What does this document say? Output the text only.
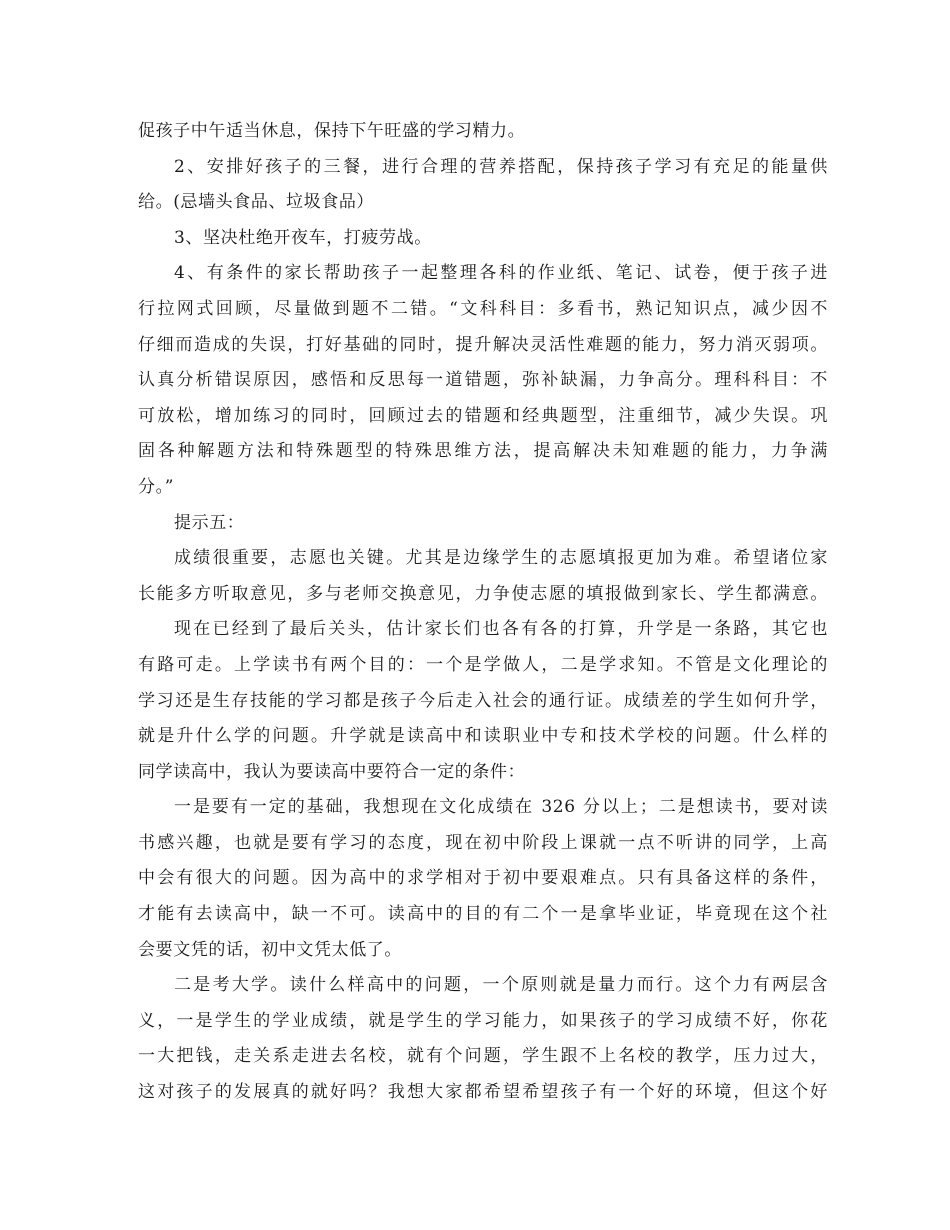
促孩子中午适当休息，保持下午旺盛的学习精力。
2、安排好孩子的三餐，进行合理的营养搭配，保持孩子学习有充足的能量供
给。(忌墙头食品、垃圾食品）
3、坚决杜绝开夜车，打疲劳战。
4、有条件的家长帮助孩子一起整理各科的作业纸、笔记、试卷，便于孩子进
行拉网式回顾，尽量做到题不二错。“文科科目：多看书，熟记知识点，减少因不
仔细而造成的失误，打好基础的同时，提升解决灵活性难题的能力，努力消灭弱项。
认真分析错误原因，感悟和反思每一道错题，弥补缺漏，力争高分。理科科目：不
可放松，增加练习的同时，回顾过去的错题和经典题型，注重细节，减少失误。巩
固各种解题方法和特殊题型的特殊思维方法，提高解决未知难题的能力，力争满
分。”
提示五：
成绩很重要，志愿也关键。尤其是边缘学生的志愿填报更加为难。希望诸位家
长能多方听取意见，多与老师交换意见，力争使志愿的填报做到家长、学生都满意。
现在已经到了最后关头，估计家长们也各有各的打算，升学是一条路，其它也
有路可走。上学读书有两个目的：一个是学做人，二是学求知。不管是文化理论的
学习还是生存技能的学习都是孩子今后走入社会的通行证。成绩差的学生如何升学，
就是升什么学的问题。升学就是读高中和读职业中专和技术学校的问题。什么样的
同学读高中，我认为要读高中要符合一定的条件：
一是要有一定的基础，我想现在文化成绩在 326 分以上；二是想读书，要对读
书感兴趣，也就是要有学习的态度，现在初中阶段上课就一点不听讲的同学，上高
中会有很大的问题。因为高中的求学相对于初中要艰难点。只有具备这样的条件，
才能有去读高中，缺一不可。读高中的目的有二个一是拿毕业证，毕竟现在这个社
会要文凭的话，初中文凭太低了。
二是考大学。读什么样高中的问题，一个原则就是量力而行。这个力有两层含
义，一是学生的学业成绩，就是学生的学习能力，如果孩子的学习成绩不好，你花
一大把钱，走关系走进去名校，就有个问题，学生跟不上名校的教学，压力过大，
这对孩子的发展真的就好吗？我想大家都希望希望孩子有一个好的环境，但这个好
